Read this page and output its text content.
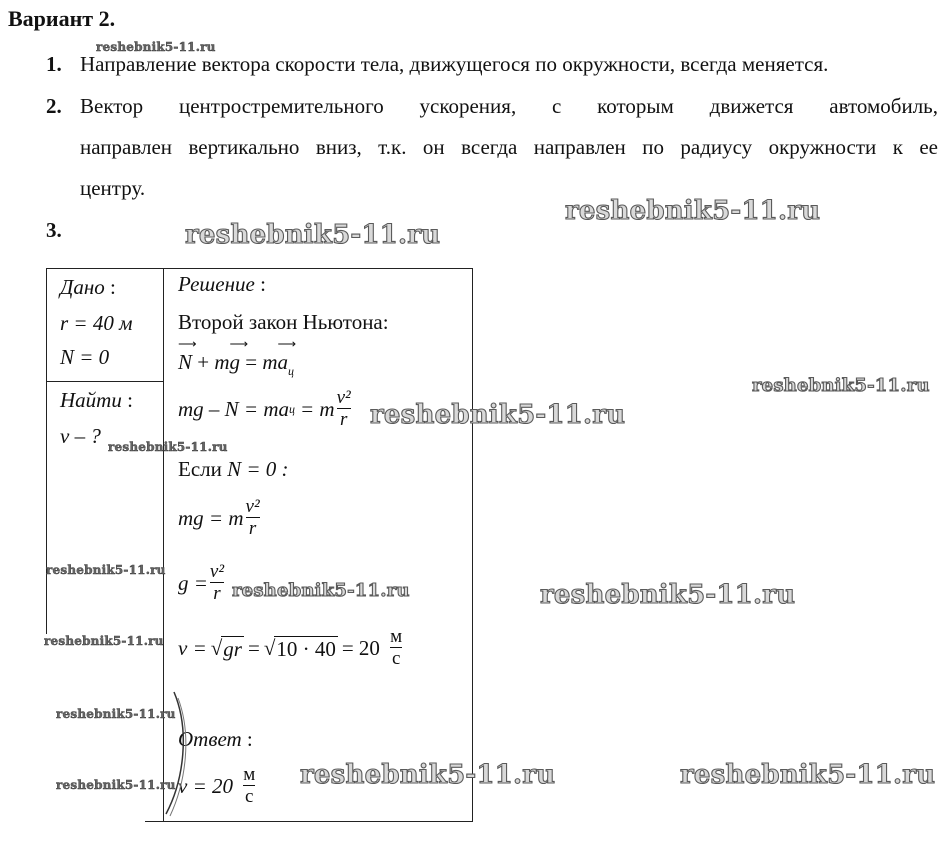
Вариант 2.
1. Направление вектора скорости тела, движущегося по окружности, всегда меняется.
2. Вектор центростремительного ускорения, с которым движется автомобиль,
направлен вертикально вниз, т.к. он всегда направлен по радиусу окружности к ее
центру.
3.
Дано :
r = 40 м
N = 0
Найти :
v – ?
Решение :
Второй закон Ньютона:
⟶ N + m⟶ g = m⟶ $a_ц$
mg – N = ma ц = m $\frac{\text{v²}}{r}$
Если N = 0 :
mg = m $\frac{\text{v²}}{r}$
$g = \frac{\text{v²}}{r}$
v = √ gr = √ $10 \cdot 40 = 20 \frac{м}{с}$
Ответ :
$v = 20 \frac{м}{с}$
reshebnik5-11.ru
reshebnik5-11.ru
reshebnik5-11.ru
reshebnik5-11.ru
reshebnik5-11.ru
reshebnik5-11.ru
reshebnik5-11.ru
reshebnik5-11.ru	reshebnik5-11.ru
reshebnik5-11.ru
reshebnik5-11.ru
reshebnik5-11.ru	reshebnik5-11.ru
reshebnik5-11.ru
